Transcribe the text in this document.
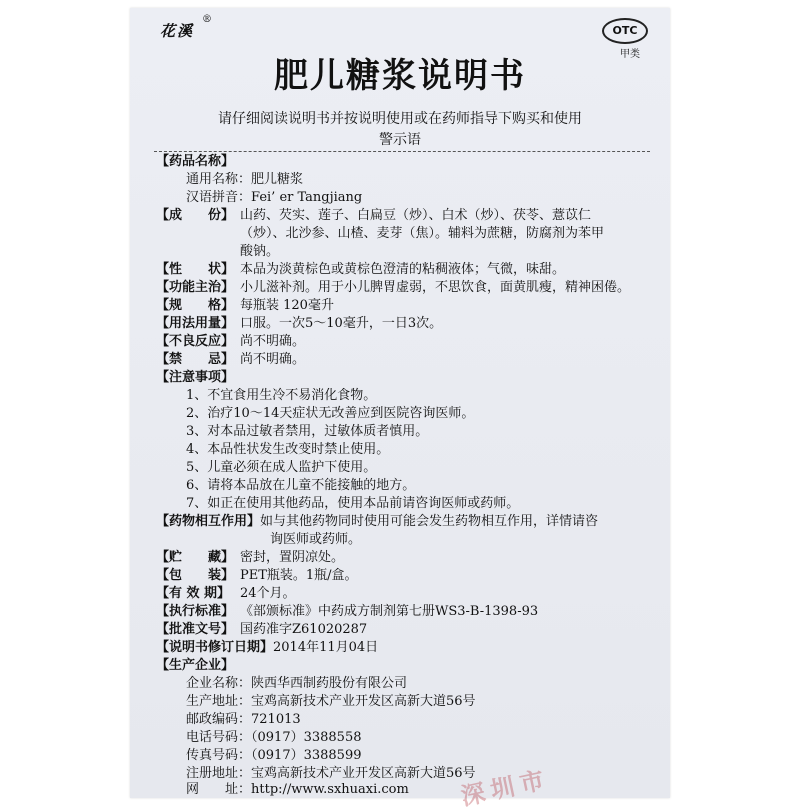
花溪
®
OTC
甲类
肥儿糖浆说明书
请仔细阅读说明书并按说明使用或在药师指导下购买和使用
警示语
【药品名称】
通用名称：肥儿糖浆
汉语拼音：Fei’ er Tangjiang
【成　　份】 山药、芡实、莲子、白扁豆（炒）、白术（炒）、茯苓、薏苡仁
（炒）、北沙参、山楂、麦芽（焦）。辅料为蔗糖，防腐剂为苯甲
酸钠。
【性　　状】 本品为淡黄棕色或黄棕色澄清的粘稠液体；气微，味甜。
【功能主治】 小儿滋补剂。用于小儿脾胃虚弱，不思饮食，面黄肌瘦，精神困倦。
【规　　格】 每瓶装 120毫升
【用法用量】 口服。一次5～10毫升，一日3次。
【不良反应】 尚不明确。
【禁　　忌】 尚不明确。
【注意事项】
1、不宜食用生冷不易消化食物。
2、治疗10～14天症状无改善应到医院咨询医师。
3、对本品过敏者禁用，过敏体质者慎用。
4、本品性状发生改变时禁止使用。
5、儿童必须在成人监护下使用。
6、请将本品放在儿童不能接触的地方。
7、如正在使用其他药品，使用本品前请咨询医师或药师。
【药物相互作用】如与其他药物同时使用可能会发生药物相互作用，详情请咨
询医师或药师。
【贮　　藏】 密封，置阴凉处。
【包　　装】 PET瓶装。1瓶/盒。
【有 效 期】 24个月。
【执行标准】 《部颁标准》中药成方制剂第七册WS3-B-1398-93
【批准文号】 国药准字Z61020287
【说明书修订日期】2014年11月04日
【生产企业】
企业名称：陕西华西制药股份有限公司
生产地址：宝鸡高新技术产业开发区高新大道56号
邮政编码：721013
电话号码：（0917）3388558
传真号码：（0917）3388599
注册地址：宝鸡高新技术产业开发区高新大道56号
网　　址：http://www.sxhuaxi.com 深圳市
